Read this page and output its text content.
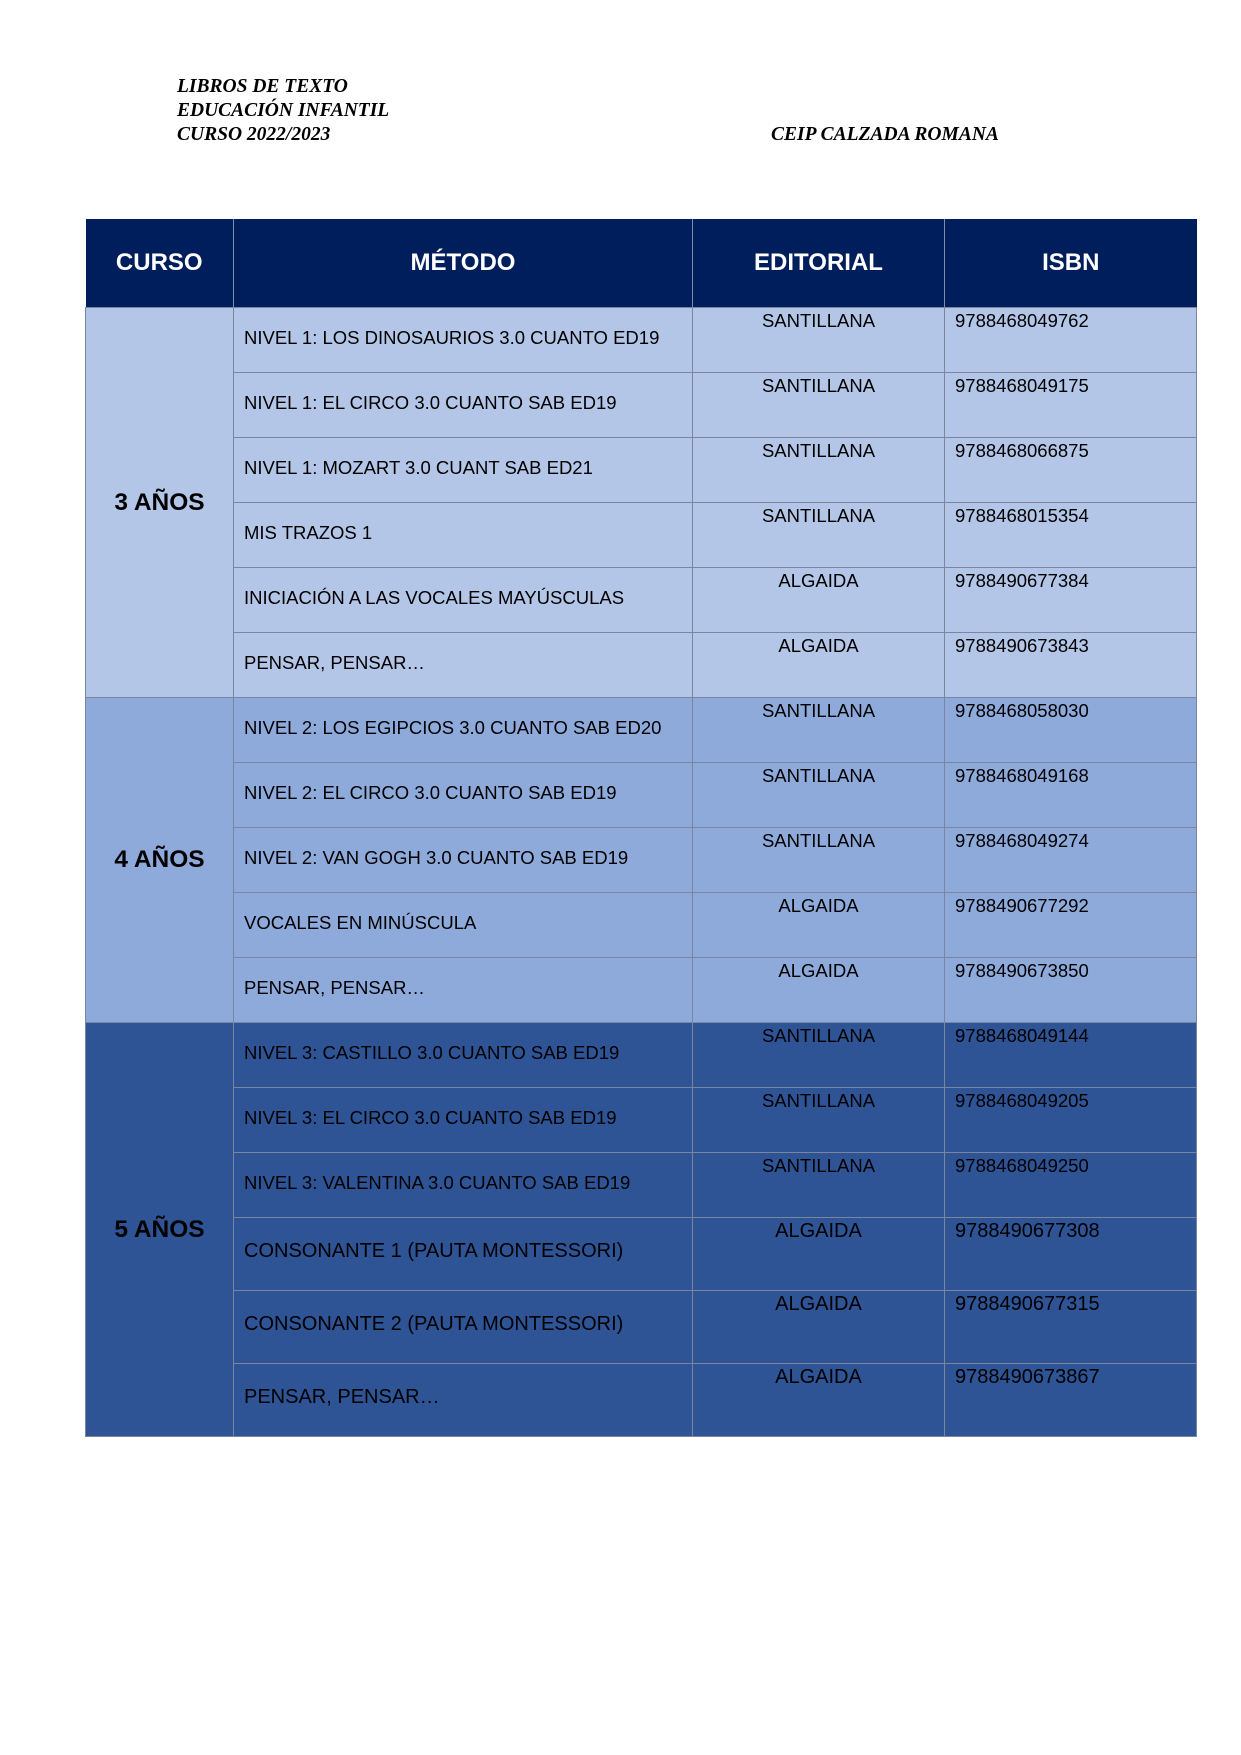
LIBROS DE TEXTO
EDUCACIÓN INFANTIL
CURSO 2022/2023	CEIP CALZADA ROMANA
CURSO	MÉTODO	EDITORIAL	ISBN
3 AÑOS	NIVEL 1: LOS DINOSAURIOS 3.0 CUANTO ED19	SANTILLANA	9788468049762
	NIVEL 1: EL CIRCO 3.0 CUANTO SAB ED19	SANTILLANA	9788468049175
	NIVEL 1: MOZART 3.0 CUANT SAB ED21	SANTILLANA	9788468066875
	MIS TRAZOS 1	SANTILLANA	9788468015354
	INICIACIÓN A LAS VOCALES MAYÚSCULAS	ALGAIDA	9788490677384
	PENSAR, PENSAR…	ALGAIDA	9788490673843
4 AÑOS	NIVEL 2: LOS EGIPCIOS 3.0 CUANTO SAB ED20	SANTILLANA	9788468058030
	NIVEL 2: EL CIRCO 3.0 CUANTO SAB ED19	SANTILLANA	9788468049168
	NIVEL 2: VAN GOGH 3.0 CUANTO SAB ED19	SANTILLANA	9788468049274
	VOCALES EN MINÚSCULA	ALGAIDA	9788490677292
	PENSAR, PENSAR…	ALGAIDA	9788490673850
5 AÑOS	NIVEL 3: CASTILLO 3.0 CUANTO SAB ED19	SANTILLANA	9788468049144
	NIVEL 3: EL CIRCO 3.0 CUANTO SAB ED19	SANTILLANA	9788468049205
	NIVEL 3: VALENTINA 3.0 CUANTO SAB ED19	SANTILLANA	9788468049250
	CONSONANTE 1 (PAUTA MONTESSORI)	ALGAIDA	9788490677308
	CONSONANTE 2 (PAUTA MONTESSORI)	ALGAIDA	9788490677315
	PENSAR, PENSAR…	ALGAIDA	9788490673867
